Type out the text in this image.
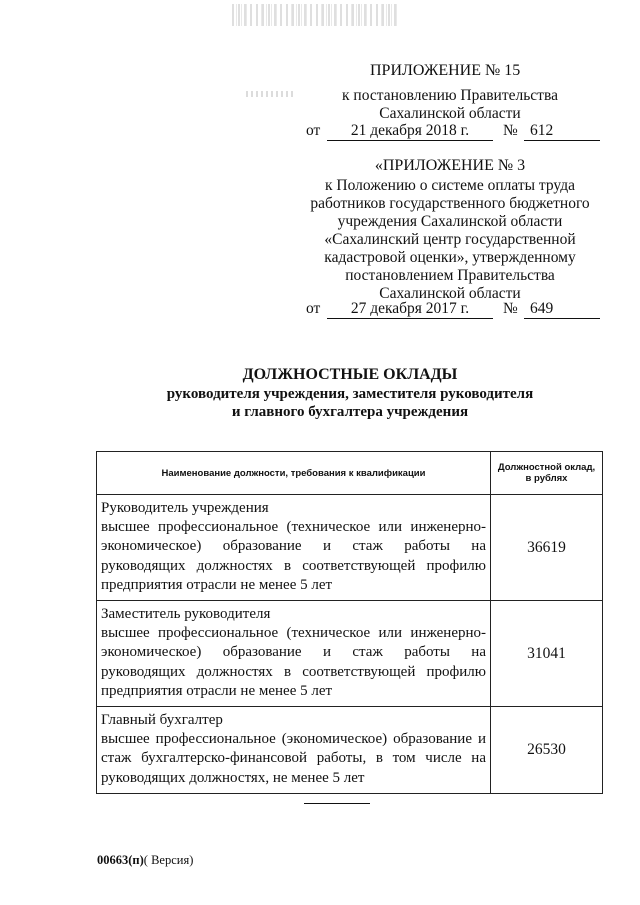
ПРИЛОЖЕНИЕ № 15
к постановлению Правительства
Сахалинской области
от	21 декабря 2018 г.	№ 612
«ПРИЛОЖЕНИЕ № 3
к Положению о системе оплаты труда
работников государственного бюджетного
учреждения Сахалинской области
«Сахалинский центр государственной
кадастровой оценки», утвержденному
постановлением Правительства
Сахалинской области
от	27 декабря 2017 г.	№ 649
ДОЛЖНОСТНЫЕ ОКЛАДЫ
руководителя учреждения, заместителя руководителя
и главного бухгалтера учреждения
Наименование должности, требования к квалификации	Должностной оклад,
в рублях
Руководитель учреждения
высшее профессиональное (техническое или инженерно-экономическое) образование и стаж работы на руководящих должностях в соответствующей профилю предприятия отрасли не менее 5 лет	36619
Заместитель руководителя
высшее профессиональное (техническое или инженерно-экономическое) образование и стаж работы на руководящих должностях в соответствующей профилю предприятия отрасли не менее 5 лет	31041
Главный бухгалтер
высшее профессиональное (экономическое) образование и стаж бухгалтерско-финансовой работы, в том числе на руководящих должностях, не менее 5 лет	26530
00663(п)( Версия)
